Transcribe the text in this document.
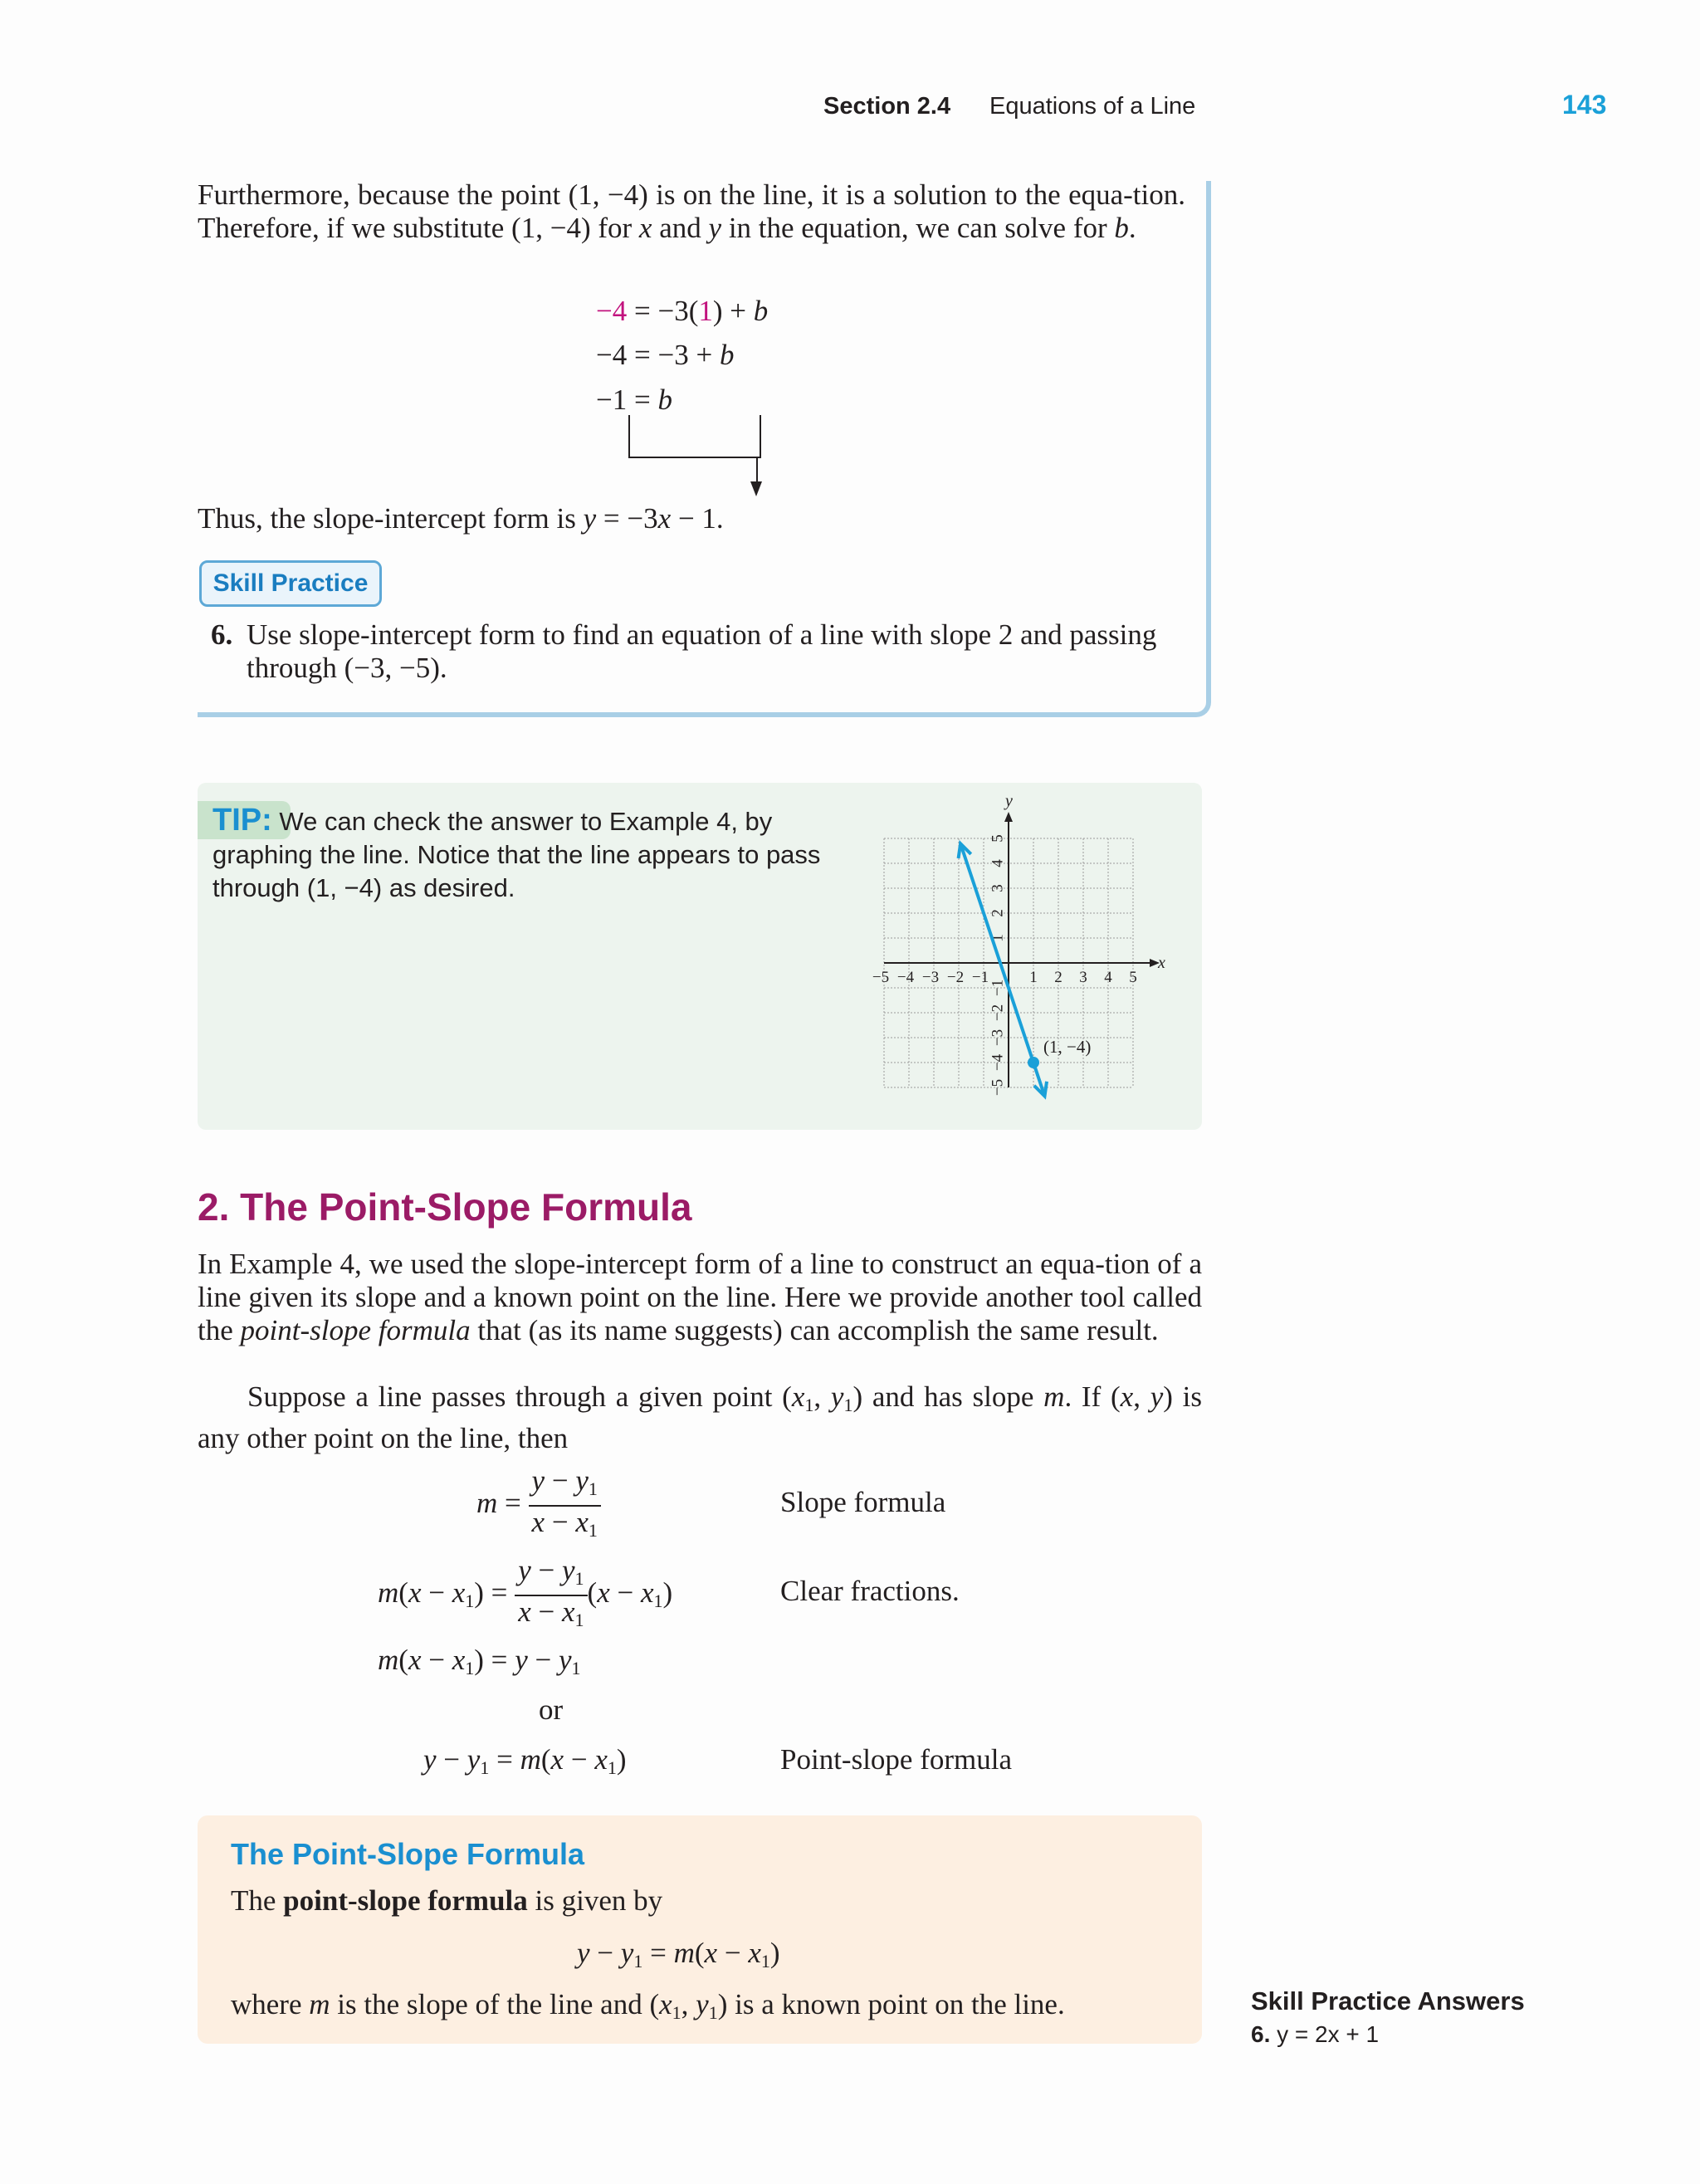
Section 2.4 Equations of a Line	143
Furthermore, because the point (1, −4) is on the line, it is a solution to the equa-tion. Therefore, if we substitute (1, −4) for x and y in the equation, we can solve for b.
−4 = −3(1) + b
−4 = −3 + b
−1 = b
Thus, the slope-intercept form is y = −3x − 1.
Skill Practice
6. Use slope-intercept form to find an equation of a line with slope 2 and passing through (−3, −5).
TIP: We can check the answer to Example 4, by graphing the line. Notice that the line appears to pass through (1, −4) as desired.
−5 −4 −3 −2 −1	1 2 3 4 5
5
4
3
2
1
−1
−2
−3
−4
−5
x
y
(1, −4)
2. The Point-Slope Formula
In Example 4, we used the slope-intercept form of a line to construct an equa-tion of a line given its slope and a known point on the line. Here we provide another tool called the point-slope formula that (as its name suggests) can accomplish the same result.
Suppose a line passes through a given point ($x_1$, $y_1$) and has slope m. If (x, y) is any other point on the line, then
$m = \frac{y - y_1}{x - x_1}$	Slope formula
$m(x - x_1) = \frac{y - y_1}{x - x_1} (x - x_1)$	Clear fractions.
$m(x - x_1) = y - y_1$
or
$y - y_1 = m(x - x_1)$	Point-slope formula
The Point-Slope Formula
The point-slope formula is given by
$y - y_1 = m(x - x_1)$
where m is the slope of the line and ($x_1$, $y_1$) is a known point on the line.	Skill Practice Answers
6. y = 2x + 1
